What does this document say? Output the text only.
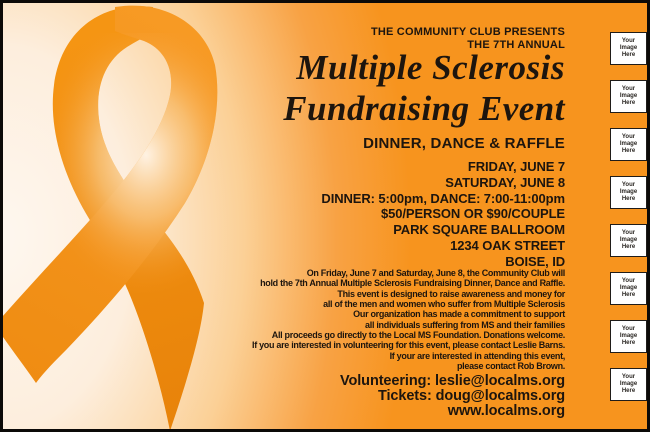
THE COMMUNITY CLUB PRESENTS
THE 7TH ANNUAL
Multiple Sclerosis
Fundraising Event
DINNER, DANCE & RAFFLE
FRIDAY, JUNE 7
SATURDAY, JUNE 8
DINNER: 5:00pm, DANCE: 7:00-11:00pm
$50/PERSON OR $90/COUPLE
PARK SQUARE BALLROOM
1234 OAK STREET
BOISE, ID
On Friday, June 7 and Saturday, June 8, the Community Club will
hold the 7th Annual Multiple Sclerosis Fundraising Dinner, Dance and Raffle.
This event is designed to raise awareness and money for
all of the men and women who suffer from Multiple Sclerosis
Our organization has made a commitment to support
all individuals suffering from MS and their families
All proceeds go directly to the Local MS Foundation. Donations welcome.
If you are interested in volunteering for this event, please contact Leslie Barns.
If your are interested in attending this event,
please contact Rob Brown.
Volunteering: leslie@localms.org
Tickets: doug@localms.org
www.localms.org
Your
Image
Here
Your
Image
Here
Your
Image
Here
Your
Image
Here
Your
Image
Here
Your
Image
Here
Your
Image
Here
Your
Image
Here
